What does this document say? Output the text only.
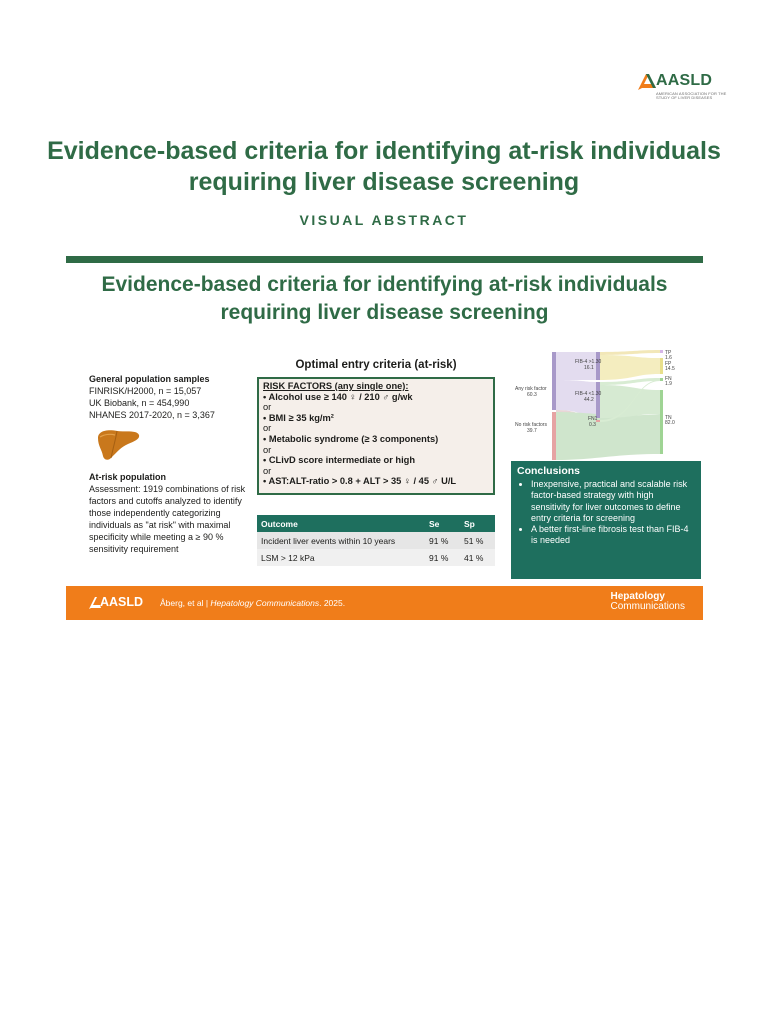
AASLD
AMERICAN ASSOCIATION FOR THE STUDY OF LIVER DISEASES
Evidence-based criteria for identifying at-risk individuals requiring liver disease screening
VISUAL ABSTRACT
Evidence-based criteria for identifying at-risk individuals requiring liver disease screening
General population samples
FINRISK/H2000, n = 15,057
UK Biobank, n = 454,990
NHANES 2017-2020, n = 3,367
At-risk population
Assessment: 1919 combinations of risk factors and cutoffs analyzed to identify those independently categorizing individuals as "at risk" with maximal specificity while meeting a ≥ 90 % sensitivity requirement
Optimal entry criteria (at-risk)
RISK FACTORS (any single one):
• Alcohol use ≥ 140 ♀ / 210 ♂ g/wk
or
• BMI ≥ 35 kg/m²
or
• Metabolic syndrome (≥ 3 components)
or
• CLivD score intermediate or high
or
• AST:ALT-ratio > 0.8 + ALT > 35 ♀ / 45 ♂ U/L
Outcome	Se	Sp
Incident liver events within 10 years	91 %	51 %
LSM > 12 kPa	91 %	41 %
Any risk factor
60.3
No risk factors
39.7
FIB-4 >1.30
16.1
FIB-4 <1.30
44.2
FN1
0.3
TP
1.6
FP
14.5
FN
1.9
TN
82.0
Conclusions
• Inexpensive, practical and scalable risk factor-based strategy with high sensitivity for liver outcomes to define entry criteria for screening
• A better first-line fibrosis test than FIB-4 is needed
AASLD Åberg, et al | Hepatology Communications. 2025.
Hepatology
Communications
